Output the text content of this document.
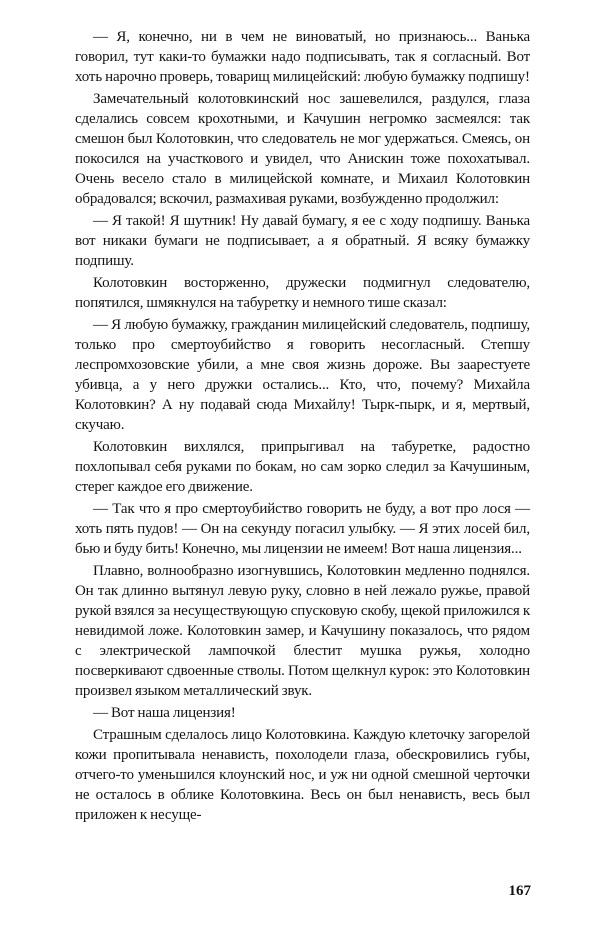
— Я, конечно, ни в чем не виноватый, но признаюсь... Ванька говорил, тут каки-то бумажки надо подписывать, так я согласный. Вот хоть нарочно проверь, товарищ милицейский: любую бумажку подпишу!

Замечательный колотовкинский нос зашевелился, раздулся, глаза сделались совсем крохотными, и Качушин негромко засмеялся: так смешон был Колотовкин, что следователь не мог удержаться. Смеясь, он покосился на участкового и увидел, что Анискин тоже похохатывал. Очень весело стало в милицейской комнате, и Михаил Колотовкин обрадовался; вскочил, размахивая руками, возбужденно продолжил:

— Я такой! Я шутник! Ну давай бумагу, я ее с ходу подпишу. Ванька вот никаки бумаги не подписывает, а я обратный. Я всяку бумажку подпишу.

Колотовкин восторженно, дружески подмигнул следователю, попятился, шмякнулся на табуретку и немного тише сказал:

— Я любую бумажку, гражданин милицейский следователь, подпишу, только про смертоубийство я говорить несогласный. Степшу леспромхозовские убили, а мне своя жизнь дороже. Вы заарестуете убивца, а у него дружки остались... Кто, что, почему? Михайла Колотовкин? А ну подавай сюда Михайлу! Тырк-пырк, и я, мертвый, скучаю.

Колотовкин вихлялся, припрыгивал на табуретке, радостно похлопывал себя руками по бокам, но сам зорко следил за Качушиным, стерег каждое его движение.

— Так что я про смертоубийство говорить не буду, а вот про лося — хоть пять пудов! — Он на секунду погасил улыбку. — Я этих лосей бил, бью и буду бить! Конечно, мы лицензии не имеем! Вот наша лицензия...

Плавно, волнообразно изогнувшись, Колотовкин медленно поднялся. Он так длинно вытянул левую руку, словно в ней лежало ружье, правой рукой взялся за несуществующую спусковую скобу, щекой приложился к невидимой ложе. Колотовкин замер, и Качушину показалось, что рядом с электрической лампочкой блестит мушка ружья, холодно посверкивают сдвоенные стволы. Потом щелкнул курок: это Колотовкин произвел языком металлический звук.

— Вот наша лицензия!

Страшным сделалось лицо Колотовкина. Каждую клеточку загорелой кожи пропитывала ненависть, похолодели глаза, обескровились губы, отчего-то уменьшился клоунский нос, и уж ни одной смешной черточки не осталось в облике Колотовкина. Весь он был ненависть, весь был приложен к несуще-

167
